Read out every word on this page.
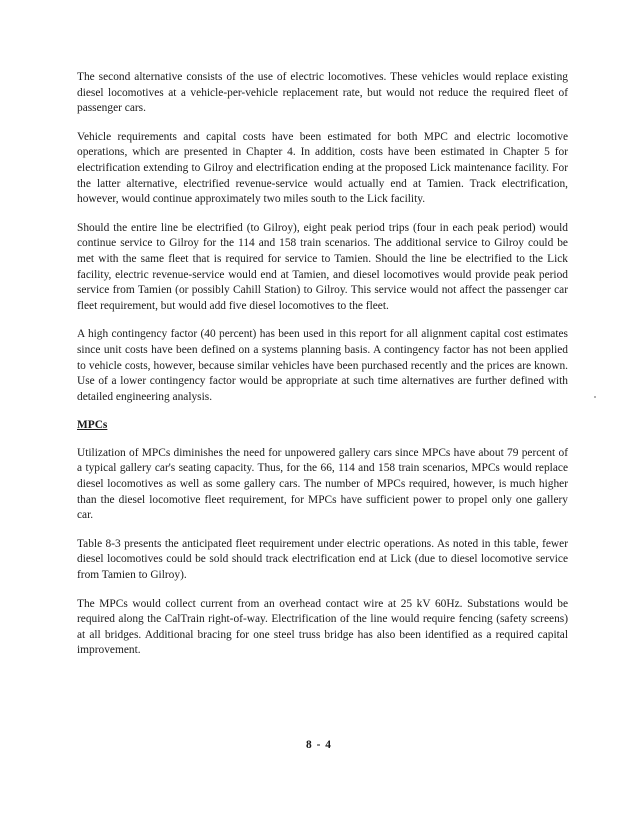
The second alternative consists of the use of electric locomotives. These vehicles would replace existing diesel locomotives at a vehicle-per-vehicle replacement rate, but would not reduce the required fleet of passenger cars.

Vehicle requirements and capital costs have been estimated for both MPC and electric locomotive operations, which are presented in Chapter 4. In addition, costs have been estimated in Chapter 5 for electrification extending to Gilroy and electrification ending at the proposed Lick maintenance facility. For the latter alternative, electrified revenue-service would actually end at Tamien. Track electrification, however, would continue approximately two miles south to the Lick facility.

Should the entire line be electrified (to Gilroy), eight peak period trips (four in each peak period) would continue service to Gilroy for the 114 and 158 train scenarios. The additional service to Gilroy could be met with the same fleet that is required for service to Tamien. Should the line be electrified to the Lick facility, electric revenue-service would end at Tamien, and diesel locomotives would provide peak period service from Tamien (or possibly Cahill Station) to Gilroy. This service would not affect the passenger car fleet requirement, but would add five diesel locomotives to the fleet.

A high contingency factor (40 percent) has been used in this report for all alignment capital cost estimates since unit costs have been defined on a systems planning basis. A contingency factor has not been applied to vehicle costs, however, because similar vehicles have been purchased recently and the prices are known. Use of a lower contingency factor would be appropriate at such time alternatives are further defined with detailed engineering analysis.

MPCs

Utilization of MPCs diminishes the need for unpowered gallery cars since MPCs have about 79 percent of a typical gallery car's seating capacity. Thus, for the 66, 114 and 158 train scenarios, MPCs would replace diesel locomotives as well as some gallery cars. The number of MPCs required, however, is much higher than the diesel locomotive fleet requirement, for MPCs have sufficient power to propel only one gallery car.

Table 8-3 presents the anticipated fleet requirement under electric operations. As noted in this table, fewer diesel locomotives could be sold should track electrification end at Lick (due to diesel locomotive service from Tamien to Gilroy).

The MPCs would collect current from an overhead contact wire at 25 kV 60Hz. Substations would be required along the CalTrain right-of-way. Electrification of the line would require fencing (safety screens) at all bridges. Additional bracing for one steel truss bridge has also been identified as a required capital improvement.

8 - 4
